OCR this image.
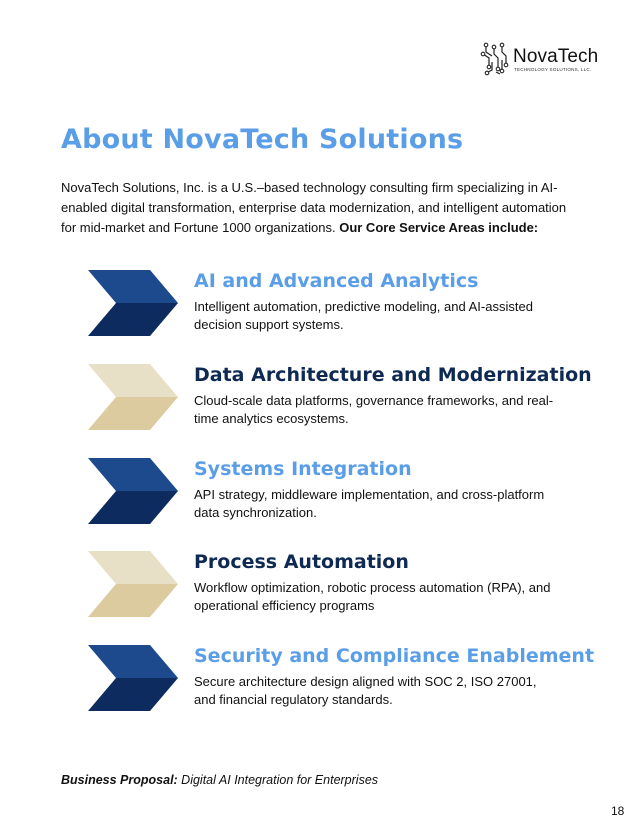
NovaTech
TECHNOLOGY SOLUTIONS, LLC.
About NovaTech Solutions

NovaTech Solutions, Inc. is a U.S.–based technology consulting firm specializing in AI-enabled digital transformation, enterprise data modernization, and intelligent automation for mid-market and Fortune 1000 organizations. Our Core Service Areas include:

AI and Advanced Analytics

Intelligent automation, predictive modeling, and AI-assisted decision support systems.

Data Architecture and Modernization

Cloud-scale data platforms, governance frameworks, and real-time analytics ecosystems.

Systems Integration

API strategy, middleware implementation, and cross-platform data synchronization.

Process Automation

Workflow optimization, robotic process automation (RPA), and operational efficiency programs

Security and Compliance Enablement

Secure architecture design aligned with SOC 2, ISO 27001, and financial regulatory standards.

Business Proposal: Digital AI Integration for Enterprises
18
